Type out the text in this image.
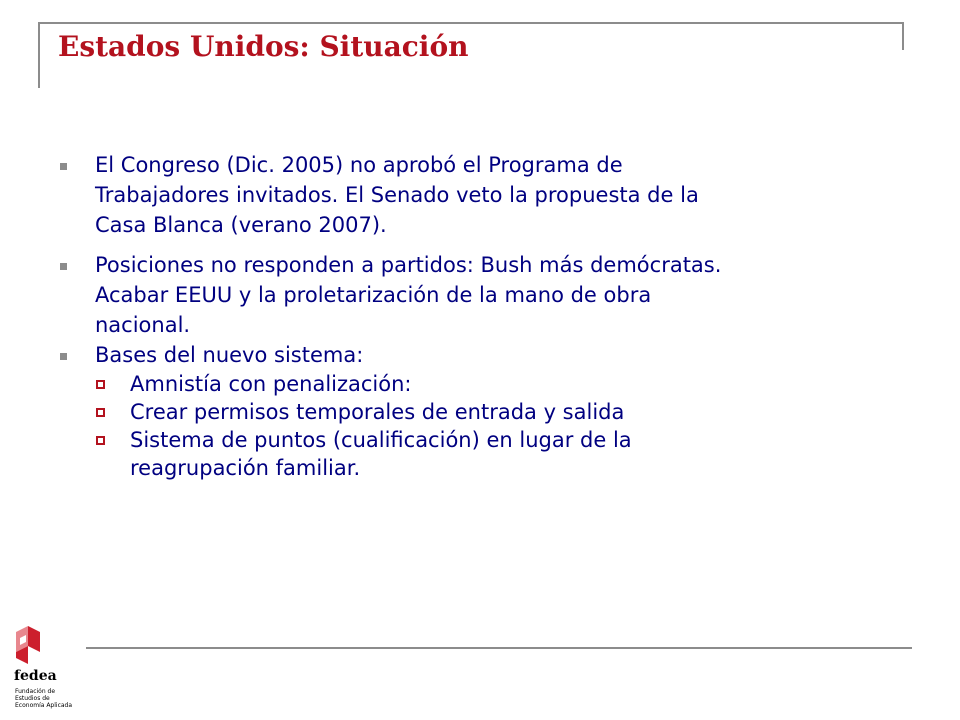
Estados Unidos: Situación
El Congreso (Dic. 2005) no aprobó el Programa de
Trabajadores invitados. El Senado veto la propuesta de la
Casa Blanca (verano 2007).
Posiciones no responden a partidos: Bush más demócratas.
Acabar EEUU y la proletarización de la mano de obra
nacional.
Bases del nuevo sistema:
Amnistía con penalización:
Crear permisos temporales de entrada y salida
Sistema de puntos (cualificación) en lugar de la
reagrupación familiar.
fedea
Fundación de
Estudios de
Economía Aplicada
